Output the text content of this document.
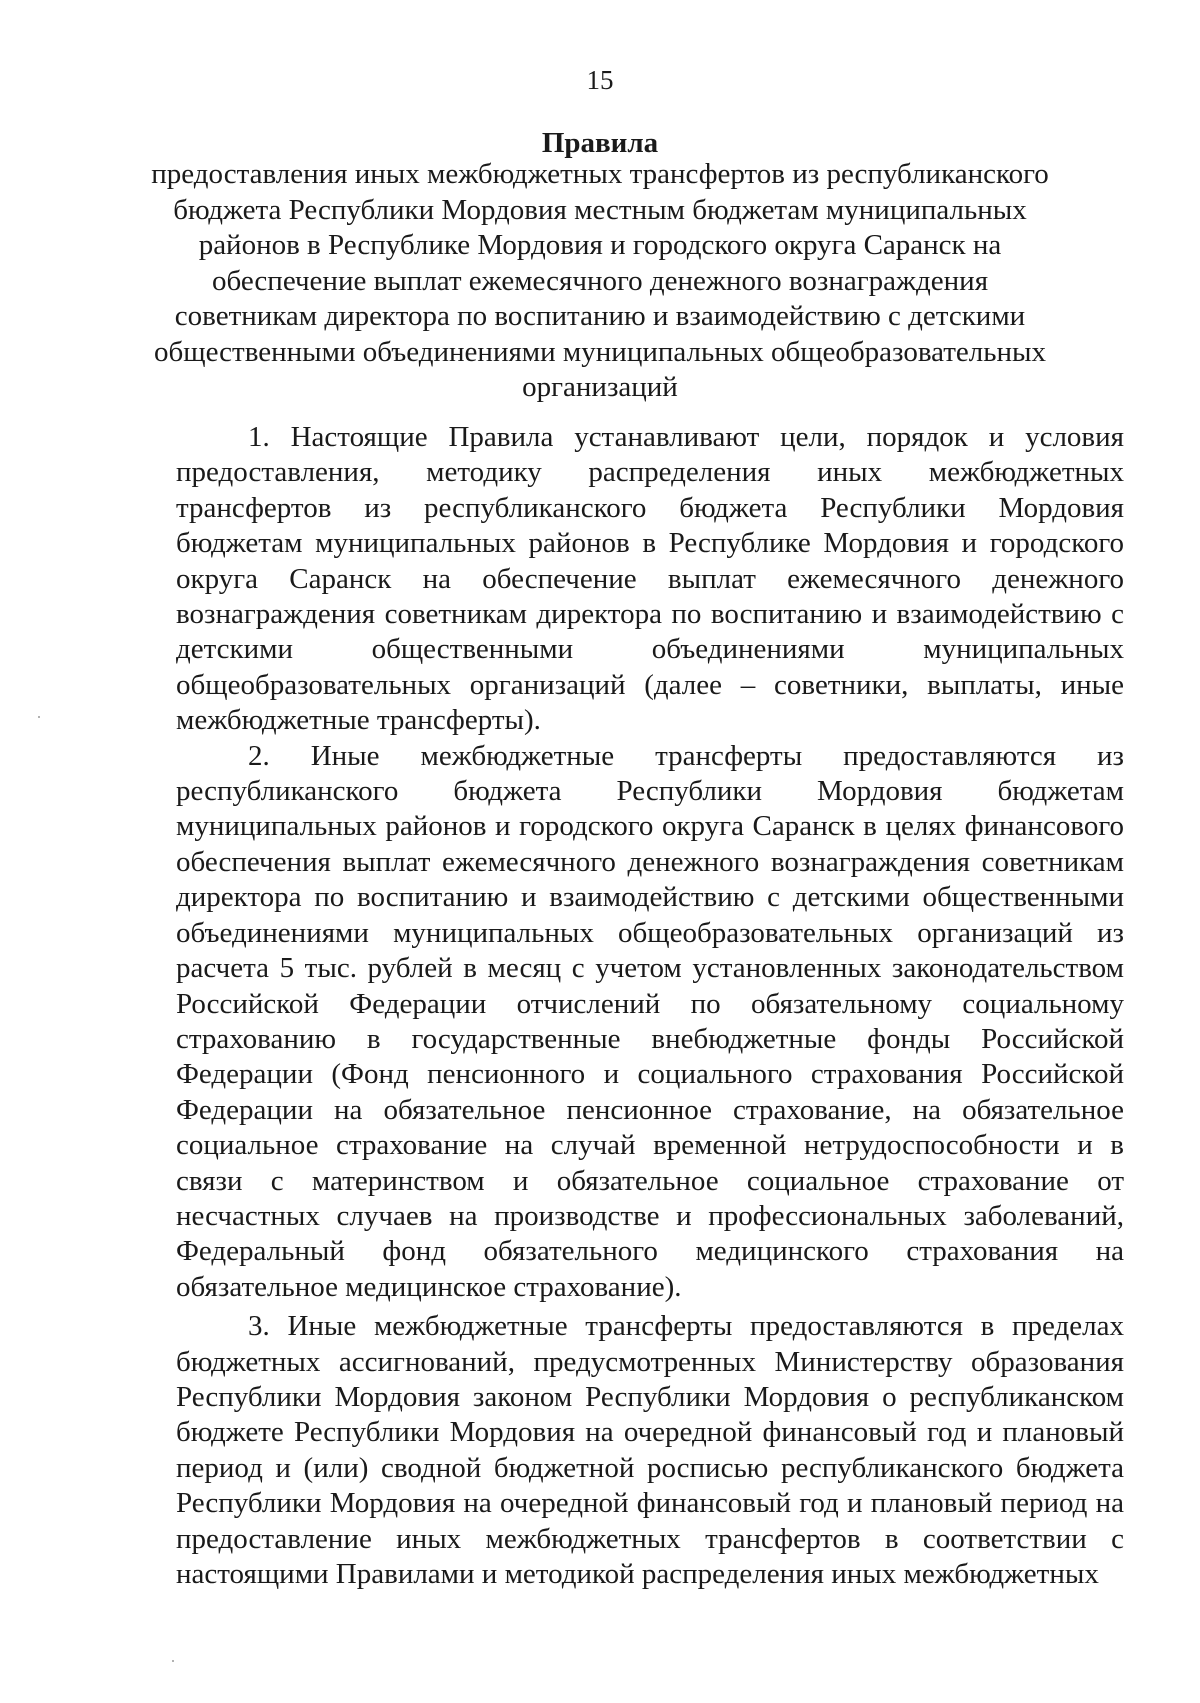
15
Правила
предоставления иных межбюджетных трансфертов из республиканского бюджета Республики Мордовия местным бюджетам муниципальных районов в Республике Мордовия и городского округа Саранск на обеспечение выплат ежемесячного денежного вознаграждения советникам директора по воспитанию и взаимодействию с детскими общественными объединениями муниципальных общеобразовательных организаций

1. Настоящие Правила устанавливают цели, порядок и условия предоставления, методику распределения иных межбюджетных трансфертов из республиканского бюджета Республики Мордовия бюджетам муниципальных районов в Республике Мордовия и городского округа Саранск на обеспечение выплат ежемесячного денежного вознаграждения советникам директора по воспитанию и взаимодействию с детскими общественными объединениями муниципальных общеобразовательных организаций (далее – советники, выплаты, иные межбюджетные трансферты).

2. Иные межбюджетные трансферты предоставляются из республиканского бюджета Республики Мордовия бюджетам муниципальных районов и городского округа Саранск в целях финансового обеспечения выплат ежемесячного денежного вознаграждения советникам директора по воспитанию и взаимодействию с детскими общественными объединениями муниципальных общеобразовательных организаций из расчета 5 тыс. рублей в месяц с учетом установленных законодательством Российской Федерации отчислений по обязательному социальному страхованию в государственные внебюджетные фонды Российской Федерации (Фонд пенсионного и социального страхования Российской Федерации на обязательное пенсионное страхование, на обязательное социальное страхование на случай временной нетрудоспособности и в связи с материнством и обязательное социальное страхование от несчастных случаев на производстве и профессиональных заболеваний, Федеральный фонд обязательного медицинского страхования на обязательное медицинское страхование).

3. Иные межбюджетные трансферты предоставляются в пределах бюджетных ассигнований, предусмотренных Министерству образования Республики Мордовия законом Республики Мордовия о республиканском бюджете Республики Мордовия на очередной финансовый год и плановый период и (или) сводной бюджетной росписью республиканского бюджета Республики Мордовия на очередной финансовый год и плановый период на предоставление иных межбюджетных трансфертов в соответствии с настоящими Правилами и методикой распределения иных межбюджетных
